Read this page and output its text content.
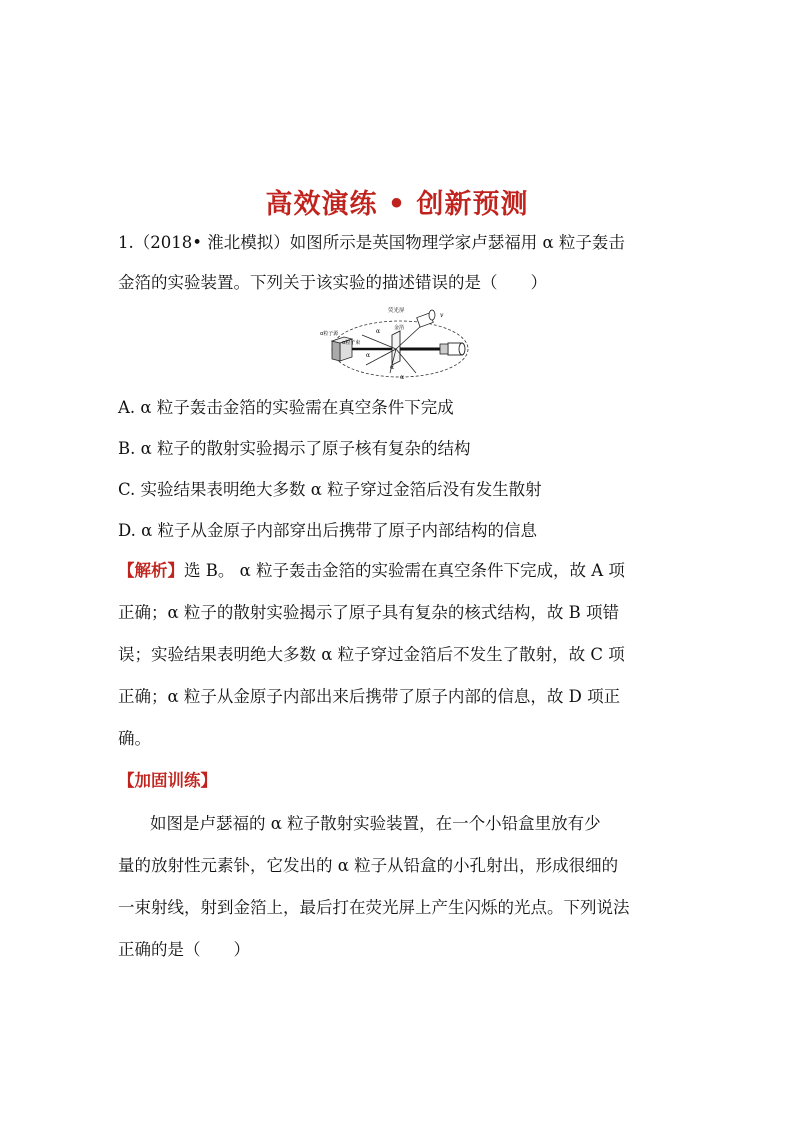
高效演练 • 创新预测
1.（2018• 淮北模拟）如图所示是英国物理学家卢瑟福用 α 粒子轰击
金箔的实验装置。下列关于该实验的描述错误的是（　　）
荧光屏
v
α粒子源
α粒子束
金箔
α
α
α
α
A. α 粒子轰击金箔的实验需在真空条件下完成
B. α 粒子的散射实验揭示了原子核有复杂的结构
C. 实验结果表明绝大多数 α 粒子穿过金箔后没有发生散射
D. α 粒子从金原子内部穿出后携带了原子内部结构的信息
【解析】选 B。 α 粒子轰击金箔的实验需在真空条件下完成，故 A 项
正确；α 粒子的散射实验揭示了原子具有复杂的核式结构，故 B 项错
误；实验结果表明绝大多数 α 粒子穿过金箔后不发生了散射，故 C 项
正确；α 粒子从金原子内部出来后携带了原子内部的信息，故 D 项正
确。
【加固训练】
如图是卢瑟福的 α 粒子散射实验装置，在一个小铅盒里放有少
量的放射性元素钋，它发出的 α 粒子从铅盒的小孔射出，形成很细的
一束射线，射到金箔上，最后打在荧光屏上产生闪烁的光点。下列说法
正确的是（　　）
